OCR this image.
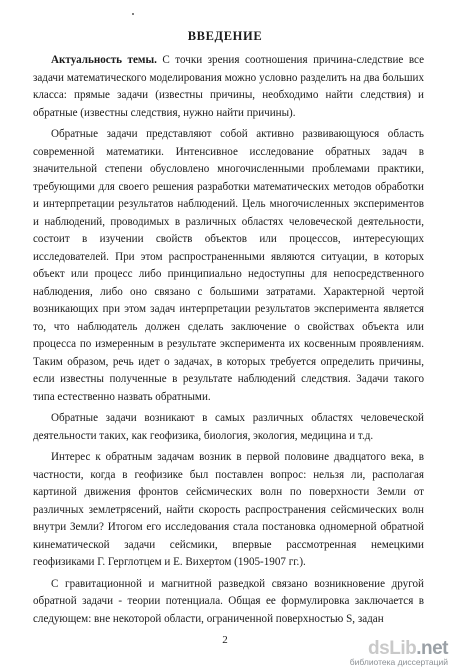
ВВЕДЕНИЕ

Актуальность темы. С точки зрения соотношения причина-следствие все задачи математического моделирования можно условно разделить на два больших класса: прямые задачи (известны причины, необходимо найти следствия) и обратные (известны следствия, нужно найти причины).

Обратные задачи представляют собой активно развивающуюся область современной математики. Интенсивное исследование обратных задач в значительной степени обусловлено многочисленными проблемами практики, требующими для своего решения разработки математических методов обработки и интерпретации результатов наблюдений. Цель многочисленных экспериментов и наблюдений, проводимых в различных областях человеческой деятельности, состоит в изучении свойств объектов или процессов, интересующих исследователей. При этом распространенными являются ситуации, в которых объект или процесс либо принципиально недоступны для непосредственного наблюдения, либо оно связано с большими затратами. Характерной чертой возникающих при этом задач интерпретации результатов эксперимента является то, что наблюдатель должен сделать заключение о свойствах объекта или процесса по измеренным в результате эксперимента их косвенным проявлениям. Таким образом, речь идет о задачах, в которых требуется определить причины, если известны полученные в результате наблюдений следствия. Задачи такого типа естественно назвать обратными.

Обратные задачи возникают в самых различных областях человеческой деятельности таких, как геофизика, биология, экология, медицина и т.д.

Интерес к обратным задачам возник в первой половине двадцатого века, в частности, когда в геофизике был поставлен вопрос: нельзя ли, располагая картиной движения фронтов сейсмических волн по поверхности Земли от различных землетрясений, найти скорость распространения сейсмических волн внутри Земли? Итогом его исследования стала постановка одномерной обратной кинематической задачи сейсмики, впервые рассмотренная немецкими геофизиками Г. Герглотцем и Е. Вихертом (1905-1907 гг.).

С гравитационной и магнитной разведкой связано возникновение другой обратной задачи - теории потенциала. Общая ее формулировка заключается в следующем: вне некоторой области, ограниченной поверхностью S, задан

2	dsLib.net
библиотека диссертаций
